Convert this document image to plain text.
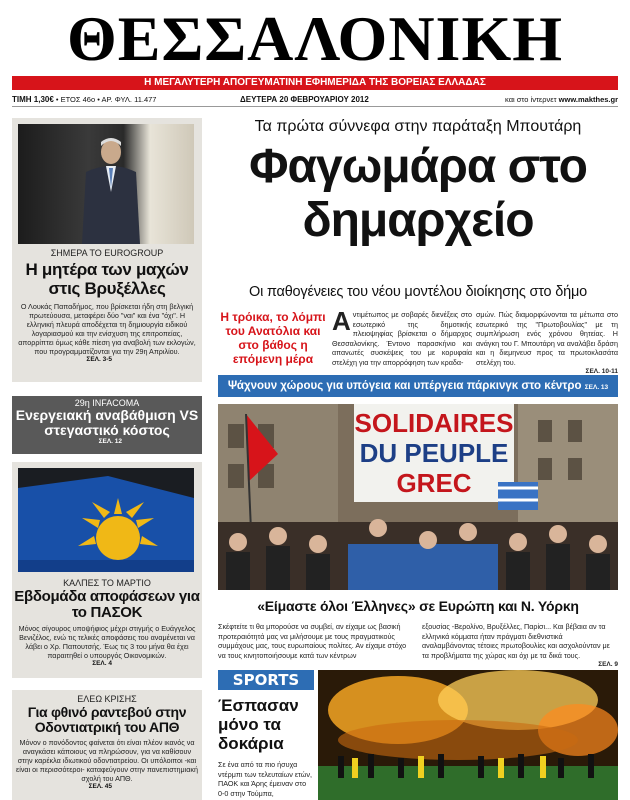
ΘΕΣΣΑΛΟΝΙΚΗ
Η ΜΕΓΑΛΥΤΕΡΗ ΑΠΟΓΕΥΜΑΤΙΝΗ ΕΦΗΜΕΡΙΔΑ ΤΗΣ ΒΟΡΕΙΑΣ ΕΛΛΑΔΑΣ
ΤΙΜΗ 1,30€ • ΕΤΟΣ 46ο • ΑΡ. ΦΥΛ. 11.477	ΔΕΥΤΕΡΑ 20 ΦΕΒΡΟΥΑΡΙΟΥ 2012	και στο ίντερνετ www.makthes.gr
ΣΗΜΕΡΑ ΤΟ EUROGROUP
Η μητέρα των μαχών στις Βρυξέλλες

Ο Λουκάς Παπαδήμος, που βρίσκεται ήδη στη βελγική πρωτεύουσα, μεταφέρει δύο "ναι" και ένα "όχι". Η ελληνική πλευρά αποδέχεται τη δημιουργία ειδικού λογαριασμού και την ενίσχυση της επιτροπείας, απορρίπτει όμως κάθε πίεση για αναβολή των εκλογών, που προγραμματίζονται για την 29η Απριλίου.

ΣΕΛ. 3-5
29η INFACOMA
Ενεργειακή αναβάθμιση VS στεγαστικό κόστος
ΣΕΛ. 12
ΚΑΛΠΕΣ ΤΟ ΜΑΡΤΙΟ
Εβδομάδα αποφάσεων για το ΠΑΣΟΚ

Μόνος σίγουρος υποψήφιος μέχρι στιγμής ο Ευάγγελος Βενιζέλος, ενώ τις τελικές αποφάσεις του αναμένεται να λάβει ο Χρ. Παπουτσής. Έως τις 3 του μήνα θα έχει παραιτηθεί ο υπουργός Οικονομικών.

ΣΕΛ. 4
ΕΛΕΩ ΚΡΙΣΗΣ
Για φθινό ραντεβού στην Οδοντιατρική του ΑΠΘ

Μόνον ο πονόδοντος φαίνεται ότι είναι πλέον ικανός να αναγκάσει κάποιους να πληρώσουν, για να καθίσουν στην καρέκλα ιδιωτικού οδοντιατρείου. Οι υπόλοιποι -και είναι οι περισσότεροι- καταφεύγουν στην πανεπιστημιακή σχολή του ΑΠΘ.

ΣΕΛ. 45
Τα πρώτα σύννεφα στην παράταξη Μπουτάρη
Φαγωμάρα στο δημαρχείο
Οι παθογένειες του νέου μοντέλου διοίκησης στο δήμο
Η τρόικα, το λόμπι του Ανατόλια και στο βάθος η επόμενη μέρα
Α ντιμέτωπος με σοβαρές διενέξεις στο εσωτερικό της δημοτικής πλειοψηφίας βρίσκεται ο δήμαρχος Θεσσαλονίκης. Έντονο παρασκήνιο και απανωτές συσκέψεις του με κορυφαία στελέχη για την απορρόφηση των κραδα-
σμών. Πώς διαμορφώνονται τα μέτωπα στο εσωτερικό της "Πρωτοβουλίας" με τη συμπλήρωση ενός χρόνου θητείας. Η ανάγκη του Γ. Μπουτάρη να αναλάβει δράση και η διεμηνευσ προς τα πρωτοκλασάτα στελέχη του.
ΣΕΛ. 10-11
Ψάχνουν χώρους για υπόγεια και υπέργεια πάρκινγκ στο κέντρο ΣΕΛ. 13
SOLIDAIRES
DU PEUPLE
GREC
«Είμαστε όλοι Έλληνες» σε Ευρώπη και Ν. Υόρκη
Σκέφτείτε τι θα μπορούσε να συμβεί, αν είχαμε ως βασική προτεραιότητά μας να μιλήσουμε με τους πραγματικούς συμμάχους μας, τους ευρωπαίους πολίτες. Αν είχαμε στόχο να τους κινητοποιήσουμε κατά των κέντρων
εξουσίας -Βερολίνο, Βρυξέλλες, Παρίσι... Και βέβαια αν τα ελληνικά κόμματα ήταν πράγματι διεθνιστικά αναλαμβάνοντας τέτοιες πρωτοβουλίες και ασχολούνταν με τα προβλήματα της χώρας και όχι με τα δικά τους.
ΣΕΛ. 9
SPORTS
Έσπασαν μόνο τα δοκάρια
Σε ένα από τα πιο ήσυχα ντέρμπι των τελευταίων ετών, ΠΑΟΚ και Άρης έμειναν στο 0-0 στην Τούμπα,
